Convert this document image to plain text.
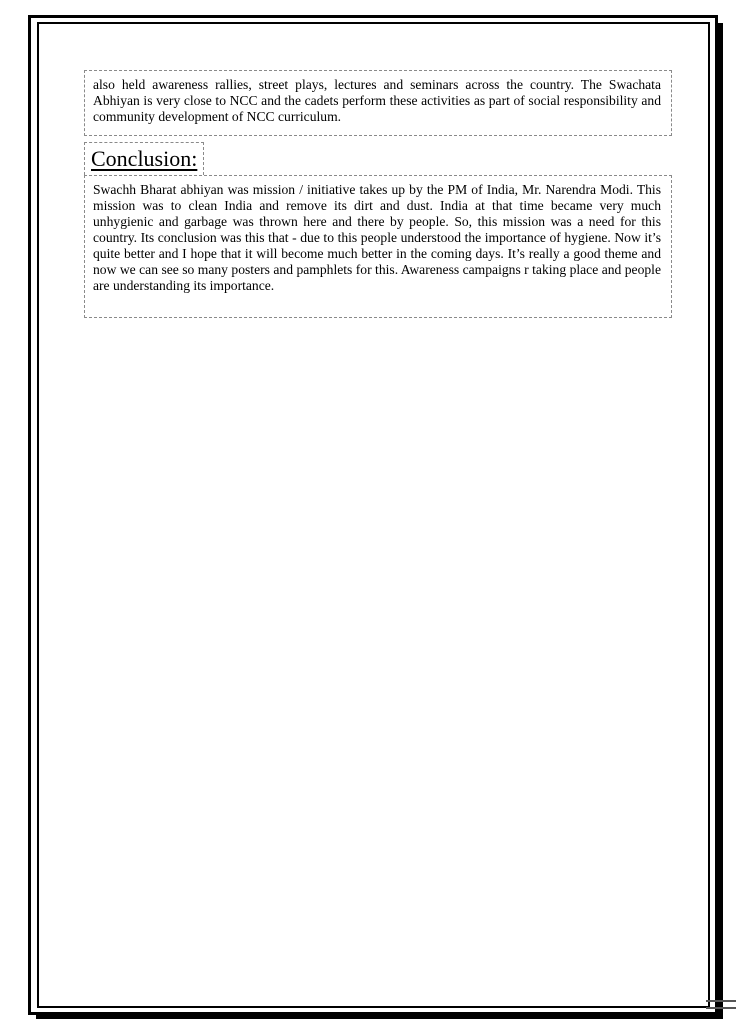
also held awareness rallies, street plays, lectures and seminars across the country. The Swachata Abhiyan is very close to NCC and the cadets perform these activities as part of social responsibility and community development of NCC curriculum.
Conclusion:
Swachh Bharat abhiyan was mission / initiative takes up by the PM of India, Mr. Narendra Modi. This mission was to clean India and remove its dirt and dust. India at that time became very much unhygienic and garbage was thrown here and there by people. So, this mission was a need for this country. Its conclusion was this that - due to this people understood the importance of hygiene. Now it’s quite better and I hope that it will become much better in the coming days. It’s really a good theme and now we can see so many posters and pamphlets for this. Awareness campaigns r taking place and people are understanding its importance.
